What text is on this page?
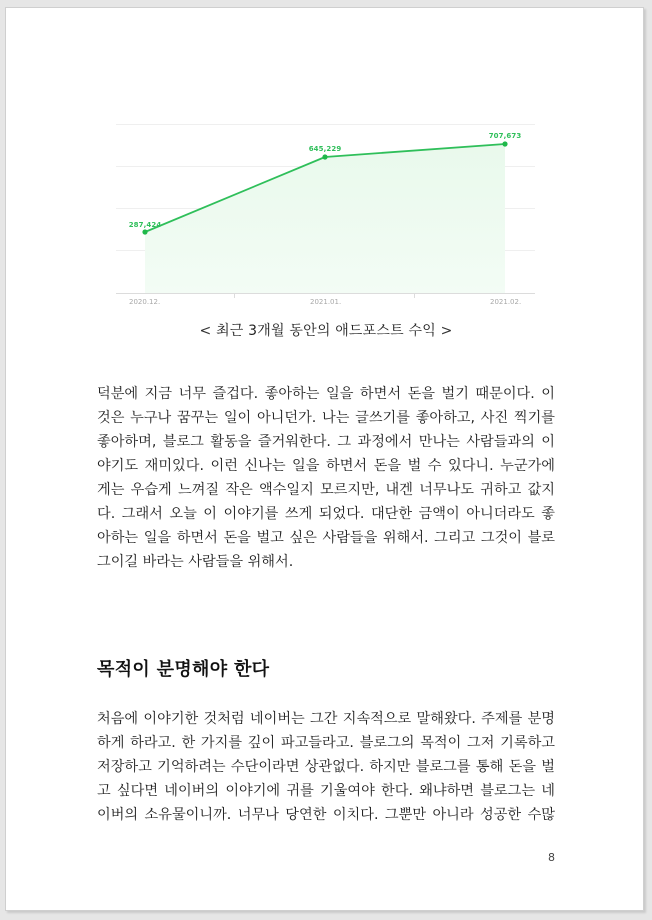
287,424
645,229
707,673
2020.12.	2021.01.	2021.02.
< 최근 3개월 동안의 애드포스트 수익 >

덕분에 지금 너무 즐겁다. 좋아하는 일을 하면서 돈을 벌기 때문이다. 이
것은 누구나 꿈꾸는 일이 아니던가. 나는 글쓰기를 좋아하고, 사진 찍기를
좋아하며, 블로그 활동을 즐거워한다. 그 과정에서 만나는 사람들과의 이
야기도 재미있다. 이런 신나는 일을 하면서 돈을 벌 수 있다니. 누군가에
게는 우습게 느껴질 작은 액수일지 모르지만, 내겐 너무나도 귀하고 값지
다. 그래서 오늘 이 이야기를 쓰게 되었다. 대단한 금액이 아니더라도 좋
아하는 일을 하면서 돈을 벌고 싶은 사람들을 위해서. 그리고 그것이 블로
그이길 바라는 사람들을 위해서.

목적이 분명해야 한다

처음에 이야기한 것처럼 네이버는 그간 지속적으로 말해왔다. 주제를 분명
하게 하라고. 한 가지를 깊이 파고들라고. 블로그의 목적이 그저 기록하고
저장하고 기억하려는 수단이라면 상관없다. 하지만 블로그를 통해 돈을 벌
고 싶다면 네이버의 이야기에 귀를 기울여야 한다. 왜냐하면 블로그는 네
이버의 소유물이니까. 너무나 당연한 이치다. 그뿐만 아니라 성공한 수많

8
